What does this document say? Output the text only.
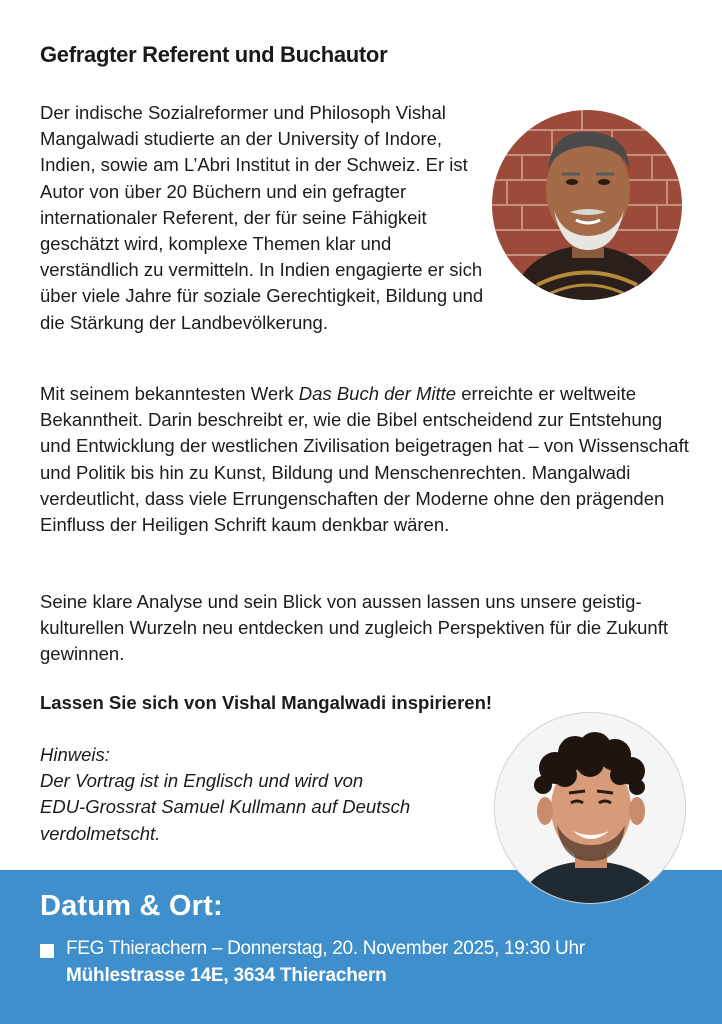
Gefragter Referent und Buchautor

Der indische Sozialreformer und Philosoph Vishal Mangalwadi studierte an der University of Indore, Indien, sowie am L’Abri Institut in der Schweiz. Er ist Autor von über 20 Büchern und ein gefragter internationaler Referent, der für seine Fähigkeit geschätzt wird, komplexe Themen klar und verständlich zu vermitteln. In Indien engagierte er sich über viele Jahre für soziale Gerechtigkeit, Bildung und die Stärkung der Landbevölkerung.

Mit seinem bekanntesten Werk Das Buch der Mitte erreichte er weltweite Bekanntheit. Darin beschreibt er, wie die Bibel entscheidend zur Entstehung und Entwicklung der westlichen Zivilisation beigetragen hat – von Wissenschaft und Politik bis hin zu Kunst, Bildung und Menschenrechten. Mangalwadi verdeutlicht, dass viele Errungenschaften der Moderne ohne den prägenden Einfluss der Heiligen Schrift kaum denkbar wären.

Seine klare Analyse und sein Blick von aussen lassen uns unsere geistig-kulturellen Wurzeln neu entdecken und zugleich Perspektiven für die Zukunft gewinnen.

Lassen Sie sich von Vishal Mangalwadi inspirieren!

Hinweis:
Der Vortrag ist in Englisch und wird von
EDU-Grossrat Samuel Kullmann auf Deutsch
verdolmetscht.

Datum & Ort:
FEG Thierachern – Donnerstag, 20. November 2025, 19:30 Uhr
Mühlestrasse 14E, 3634 Thierachern
